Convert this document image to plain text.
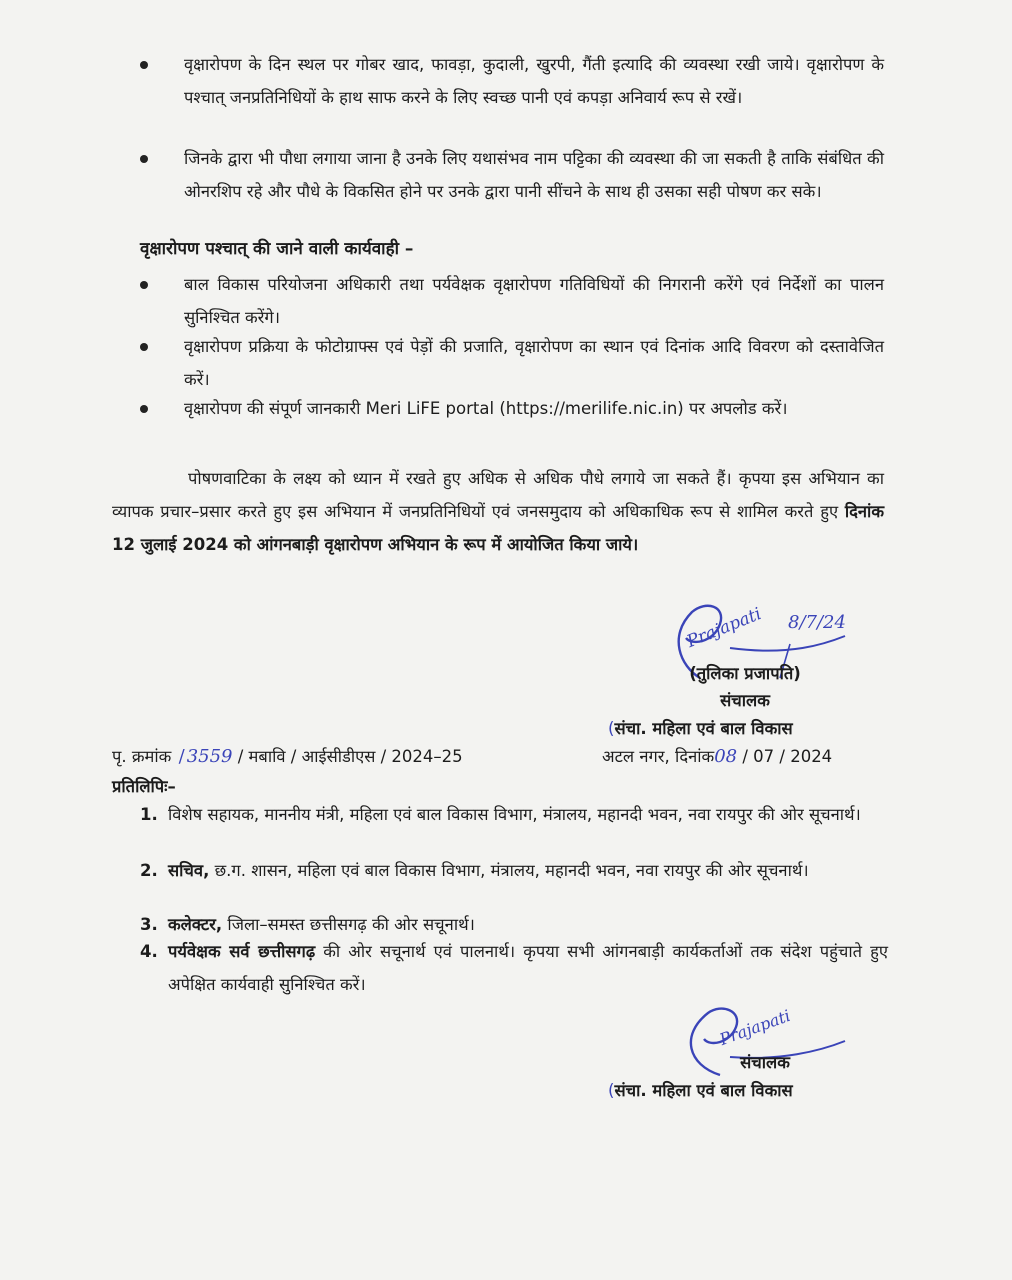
वृक्षारोपण के दिन स्थल पर गोबर खाद, फावड़ा, कुदाली, खुरपी, गैंती इत्यादि की व्यवस्था रखी जाये। वृक्षारोपण के पश्चात् जनप्रतिनिधियों के हाथ साफ करने के लिए स्वच्छ पानी एवं कपड़ा अनिवार्य रूप से रखें।
जिनके द्वारा भी पौधा लगाया जाना है उनके लिए यथासंभव नाम पट्टिका की व्यवस्था की जा सकती है ताकि संबंधित की ओनरशिप रहे और पौधे के विकसित होने पर उनके द्वारा पानी सींचने के साथ ही उसका सही पोषण कर सके।
वृक्षारोपण पश्चात् की जाने वाली कार्यवाही –
बाल विकास परियोजना अधिकारी तथा पर्यवेक्षक वृक्षारोपण गतिविधियों की निगरानी करेंगे एवं निर्देशों का पालन सुनिश्चित करेंगे।
वृक्षारोपण प्रक्रिया के फोटोग्राफ्स एवं पेड़ों की प्रजाति, वृक्षारोपण का स्थान एवं दिनांक आदि विवरण को दस्तावेजित करें।
वृक्षारोपण की संपूर्ण जानकारी Meri LiFE portal (https://merilife.nic.in) पर अपलोड करें।
पोषणवाटिका के लक्ष्य को ध्यान में रखते हुए अधिक से अधिक पौधे लगाये जा सकते हैं। कृपया इस अभियान का व्यापक प्रचार–प्रसार करते हुए इस अभियान में जनप्रतिनिधियों एवं जनसमुदाय को अधिकाधिक रूप से शामिल करते हुए दिनांक 12 जुलाई 2024 को आंगनबाड़ी वृक्षारोपण अभियान के रूप में आयोजित किया जाये।
Prajapati 8/7/24
(तुलिका प्रजापति)
संचालक
(संचा. महिला एवं बाल विकास
पृ. क्रमांक / 3559 / मबावि / आईसीडीएस / 2024–25	अटल नगर, दिनांक08 / 07 / 2024
प्रतिलिपिः–
1. विशेष सहायक, माननीय मंत्री, महिला एवं बाल विकास विभाग, मंत्रालय, महानदी भवन, नवा रायपुर की ओर सूचनार्थ।
2. सचिव, छ.ग. शासन, महिला एवं बाल विकास विभाग, मंत्रालय, महानदी भवन, नवा रायपुर की ओर सूचनार्थ।
3. कलेक्टर, जिला–समस्त छत्तीसगढ़ की ओर सचूनार्थ।
4. पर्यवेक्षक सर्व छत्तीसगढ़ की ओर सचूनार्थ एवं पालनार्थ। कृपया सभी आंगनबाड़ी कार्यकर्ताओं तक संदेश पहुंचाते हुए अपेक्षित कार्यवाही सुनिश्चित करें।
Prajapati
संचालक
(संचा. महिला एवं बाल विकास
